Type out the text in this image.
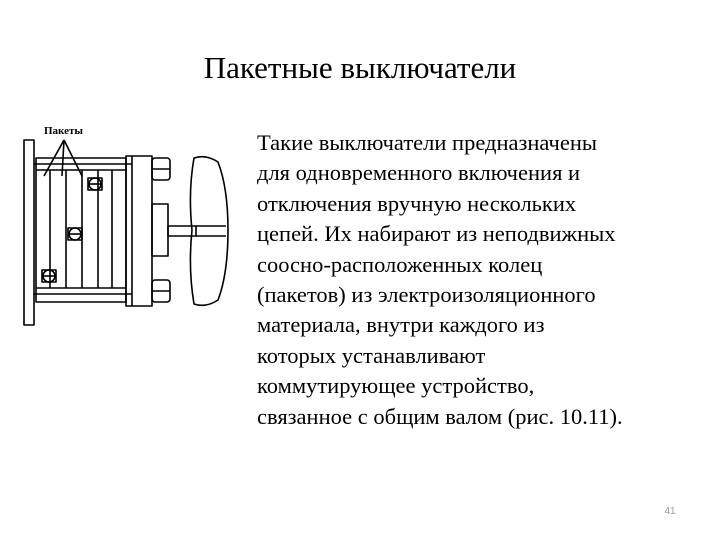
Пакетные выключатели
Пакеты	Такие выключатели предназначены
для одновременного включения и
отключения вручную нескольких
цепей. Их набирают из неподвижных
соосно-расположенных колец
(пакетов) из электроизоляционного
материала, внутри каждого из
которых устанавливают
коммутирующее устройство,
связанное с общим валом (рис. 10.11).
41
